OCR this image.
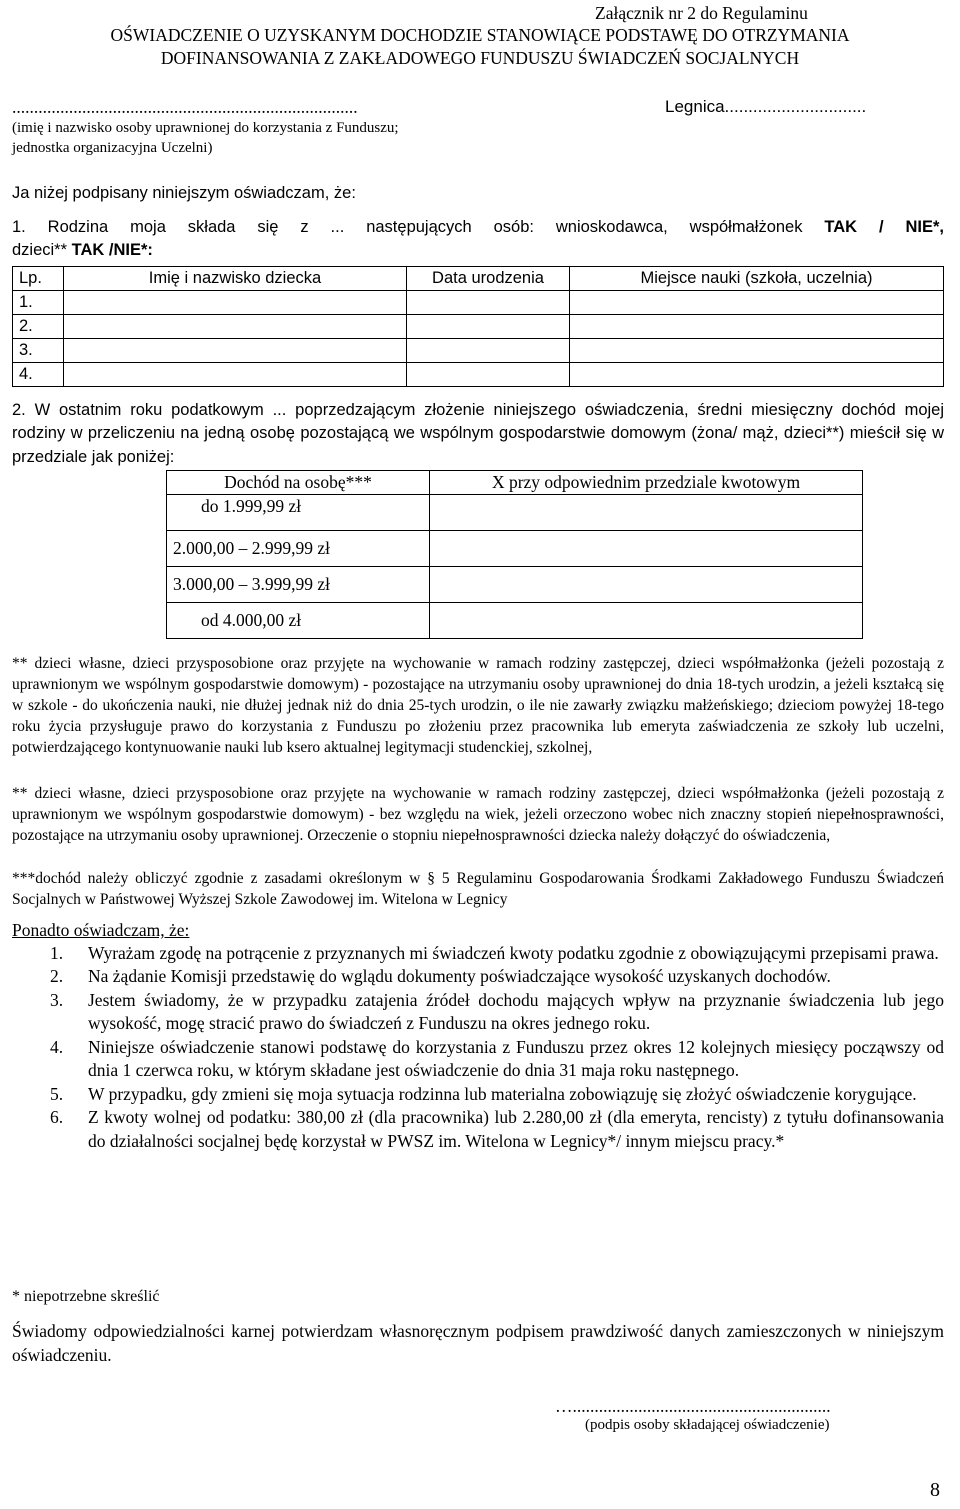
Załącznik nr 2 do Regulaminu
OŚWIADCZENIE O UZYSKANYM DOCHODZIE STANOWIĄCE PODSTAWĘ DO OTRZYMANIA
DOFINANSOWANIA Z ZAKŁADOWEGO FUNDUSZU ŚWIADCZEŃ SOCJALNYCH
...............................................................................
(imię i nazwisko osoby uprawnionej do korzystania z Funduszu;
jednostka organizacyjna Uczelni)
Legnica..............................
Ja niżej podpisany niniejszym oświadczam, że:
1. Rodzina moja składa się z ... następujących osób: wnioskodawca, współmałżonek TAK / NIE*,
dzieci** TAK /NIE*:
Lp.	Imię i nazwisko dziecka	Data urodzenia	Miejsce nauki (szkoła, uczelnia)
1.			
2.			
3.			
4.			
2. W ostatnim roku podatkowym ... poprzedzającym złożenie niniejszego oświadczenia, średni miesięczny dochód mojej rodziny w przeliczeniu na jedną osobę pozostającą we wspólnym gospodarstwie domowym (żona/ mąż, dzieci**) mieścił się w przedziale jak poniżej:
Dochód na osobę***	X przy odpowiednim przedziale kwotowym
do 1.999,99 zł	
2.000,00 – 2.999,99 zł	
3.000,00 – 3.999,99 zł	
od 4.000,00 zł	
** dzieci własne, dzieci przysposobione oraz przyjęte na wychowanie w ramach rodziny zastępczej, dzieci współmałżonka (jeżeli pozostają z uprawnionym we wspólnym gospodarstwie domowym) - pozostające na utrzymaniu osoby uprawnionej do dnia 18-tych urodzin, a jeżeli kształcą się w szkole - do ukończenia nauki, nie dłużej jednak niż do dnia 25-tych urodzin, o ile nie zawarły związku małżeńskiego; dzieciom powyżej 18-tego roku życia przysługuje prawo do korzystania z Funduszu po złożeniu przez pracownika lub emeryta zaświadczenia ze szkoły lub uczelni, potwierdzającego kontynuowanie nauki lub ksero aktualnej legitymacji studenckiej, szkolnej,
** dzieci własne, dzieci przysposobione oraz przyjęte na wychowanie w ramach rodziny zastępczej, dzieci współmałżonka (jeżeli pozostają z uprawnionym we wspólnym gospodarstwie domowym) - bez względu na wiek, jeżeli orzeczono wobec nich znaczny stopień niepełnosprawności, pozostające na utrzymaniu osoby uprawnionej. Orzeczenie o stopniu niepełnosprawności dziecka należy dołączyć do oświadczenia,
***dochód należy obliczyć zgodnie z zasadami określonym w § 5 Regulaminu Gospodarowania Środkami Zakładowego Funduszu Świadczeń Socjalnych w Państwowej Wyższej Szkole Zawodowej im. Witelona w Legnicy
Ponadto oświadczam, że:
1. Wyrażam zgodę na potrącenie z przyznanych mi świadczeń kwoty podatku zgodnie z obowiązującymi przepisami prawa.
2. Na żądanie Komisji przedstawię do wglądu dokumenty poświadczające wysokość uzyskanych dochodów.
3. Jestem świadomy, że w przypadku zatajenia źródeł dochodu mających wpływ na przyznanie świadczenia lub jego wysokość, mogę stracić prawo do świadczeń z Funduszu na okres jednego roku.
4. Niniejsze oświadczenie stanowi podstawę do korzystania z Funduszu przez okres 12 kolejnych miesięcy począwszy od dnia 1 czerwca roku, w którym składane jest oświadczenie do dnia 31 maja roku następnego.
5. W przypadku, gdy zmieni się moja sytuacja rodzinna lub materialna zobowiązuję się złożyć oświadczenie korygujące.
6. Z kwoty wolnej od podatku: 380,00 zł (dla pracownika) lub 2.280,00 zł (dla emeryta, rencisty) z tytułu dofinansowania do działalności socjalnej będę korzystał w PWSZ im. Witelona w Legnicy*/ innym miejscu pracy.*
* niepotrzebne skreślić
Świadomy odpowiedzialności karnej potwierdzam własnoręcznym podpisem prawdziwość danych zamieszczonych w niniejszym oświadczeniu.
…...........................................................
(podpis osoby składającej oświadczenie)
8
